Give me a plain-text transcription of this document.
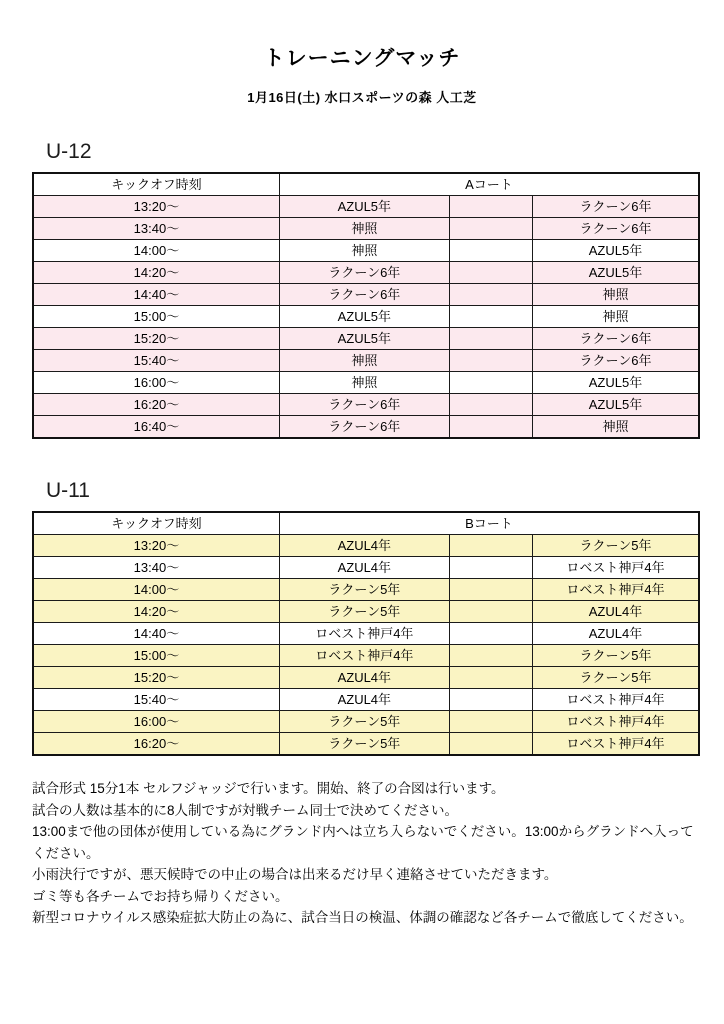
トレーニングマッチ
1月16日(土) 水口スポーツの森 人工芝
U-12
キックオフ時刻	Aコート		
13:20～	AZUL5年		ラクーン6年
13:40～	神照		ラクーン6年
14:00～	神照		AZUL5年
14:20～	ラクーン6年		AZUL5年
14:40～	ラクーン6年		神照
15:00～	AZUL5年		神照
15:20～	AZUL5年		ラクーン6年
15:40～	神照		ラクーン6年
16:00～	神照		AZUL5年
16:20～	ラクーン6年		AZUL5年
16:40～	ラクーン6年		神照
U-11
キックオフ時刻	Bコート		
13:20～	AZUL4年		ラクーン5年
13:40～	AZUL4年		ロベスト神戸4年
14:00～	ラクーン5年		ロベスト神戸4年
14:20～	ラクーン5年		AZUL4年
14:40～	ロベスト神戸4年		AZUL4年
15:00～	ロベスト神戸4年		ラクーン5年
15:20～	AZUL4年		ラクーン5年
15:40～	AZUL4年		ロベスト神戸4年
16:00～	ラクーン5年		ロベスト神戸4年
16:20～	ラクーン5年		ロベスト神戸4年

試合形式 15分1本 セルフジャッジで行います。開始、終了の合図は行います。

試合の人数は基本的に8人制ですが対戦チーム同士で決めてください。

13:00まで他の団体が使用している為にグランド内へは立ち入らないでください。13:00からグランドへ入ってください。

小雨決行ですが、悪天候時での中止の場合は出来るだけ早く連絡させていただきます。

ゴミ等も各チームでお持ち帰りください。

新型コロナウイルス感染症拡大防止の為に、試合当日の検温、体調の確認など各チームで徹底してください。
